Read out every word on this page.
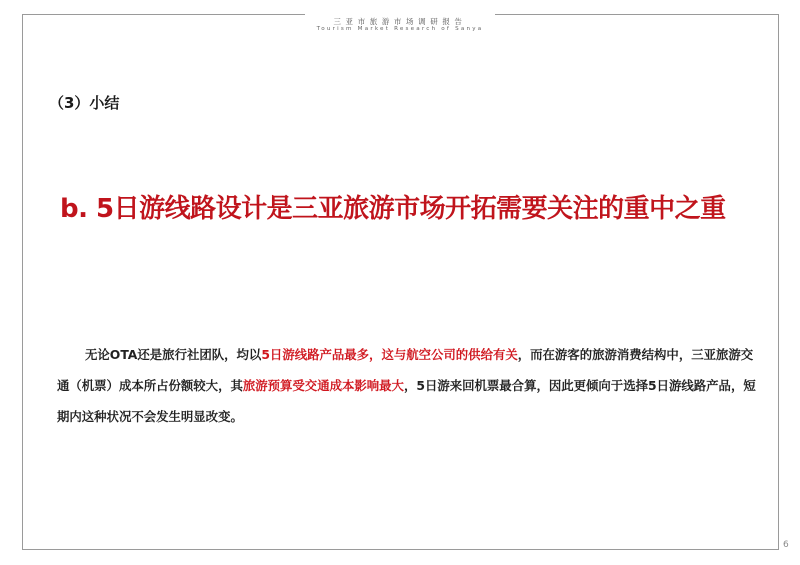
三亚市旅游市场调研报告
Tourism Market Research of Sanya
（3）小结
b. 5日游线路设计是三亚旅游市场开拓需要关注的重中之重
无论OTA还是旅行社团队，均以5日游线路产品最多，这与航空公司的供给有关，而在游客的旅游消费结构中，三亚旅游交通（机票）成本所占份额较大，其旅游预算受交通成本影响最大，5日游来回机票最合算，因此更倾向于选择5日游线路产品，短期内这种状况不会发生明显改变。
6
